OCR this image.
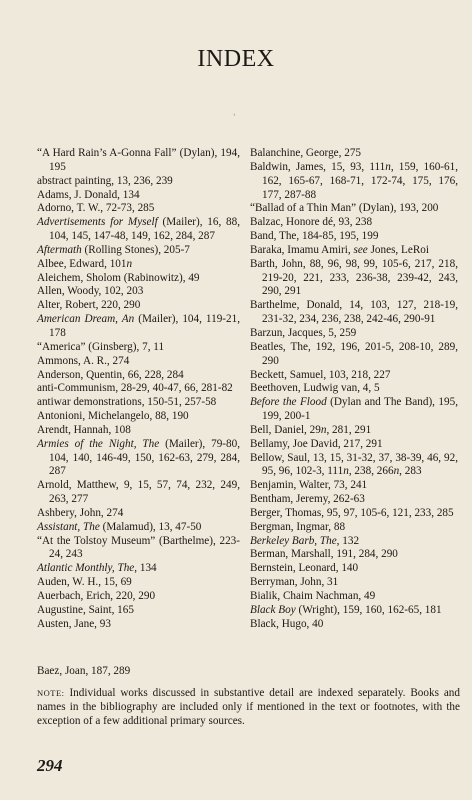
INDEX
‘
“A Hard Rain’s A-Gonna Fall” (Dylan), 194, 195
abstract painting, 13, 236, 239
Adams, J. Donald, 134
Adorno, T. W., 72-73, 285
Advertisements for Myself (Mailer), 16, 88, 104, 145, 147-48, 149, 162, 284, 287
Aftermath (Rolling Stones), 205-7
Albee, Edward, 101n
Aleichem, Sholom (Rabinowitz), 49
Allen, Woody, 102, 203
Alter, Robert, 220, 290
American Dream, An (Mailer), 104, 119-21, 178
“America” (Ginsberg), 7, 11
Ammons, A. R., 274
Anderson, Quentin, 66, 228, 284
anti-Communism, 28-29, 40-47, 66, 281-82
antiwar demonstrations, 150-51, 257-58
Antonioni, Michelangelo, 88, 190
Arendt, Hannah, 108
Armies of the Night, The (Mailer), 79-80, 104, 140, 146-49, 150, 162-63, 279, 284, 287
Arnold, Matthew, 9, 15, 57, 74, 232, 249, 263, 277
Ashbery, John, 274
Assistant, The (Malamud), 13, 47-50
“At the Tolstoy Museum” (Barthelme), 223-24, 243
Atlantic Monthly, The, 134
Auden, W. H., 15, 69
Auerbach, Erich, 220, 290
Augustine, Saint, 165
Austen, Jane, 93
Balanchine, George, 275
Baldwin, James, 15, 93, 111n, 159, 160-61, 162, 165-67, 168-71, 172-74, 175, 176, 177, 287-88
“Ballad of a Thin Man” (Dylan), 193, 200
Balzac, Honore dé, 93, 238
Band, The, 184-85, 195, 199
Baraka, Imamu Amiri, see Jones, LeRoi
Barth, John, 88, 96, 98, 99, 105-6, 217, 218, 219-20, 221, 233, 236-38, 239-42, 243, 290, 291
Barthelme, Donald, 14, 103, 127, 218-19, 231-32, 234, 236, 238, 242-46, 290-91
Barzun, Jacques, 5, 259
Beatles, The, 192, 196, 201-5, 208-10, 289, 290
Beckett, Samuel, 103, 218, 227
Beethoven, Ludwig van, 4, 5
Before the Flood (Dylan and The Band), 195, 199, 200-1
Bell, Daniel, 29n, 281, 291
Bellamy, Joe David, 217, 291
Bellow, Saul, 13, 15, 31-32, 37, 38-39, 46, 92, 95, 96, 102-3, 111n, 238, 266n, 283
Benjamin, Walter, 73, 241
Bentham, Jeremy, 262-63
Berger, Thomas, 95, 97, 105-6, 121, 233, 285
Bergman, Ingmar, 88
Berkeley Barb, The, 132
Berman, Marshall, 191, 284, 290
Bernstein, Leonard, 140
Berryman, John, 31
Bialik, Chaim Nachman, 49
Black Boy (Wright), 159, 160, 162-65, 181
Black, Hugo, 40
Baez, Joan, 187, 289
NOTE: Individual works discussed in substantive detail are indexed separately. Books and names in the bibliography are included only if mentioned in the text or footnotes, with the exception of a few additional primary sources.
294
